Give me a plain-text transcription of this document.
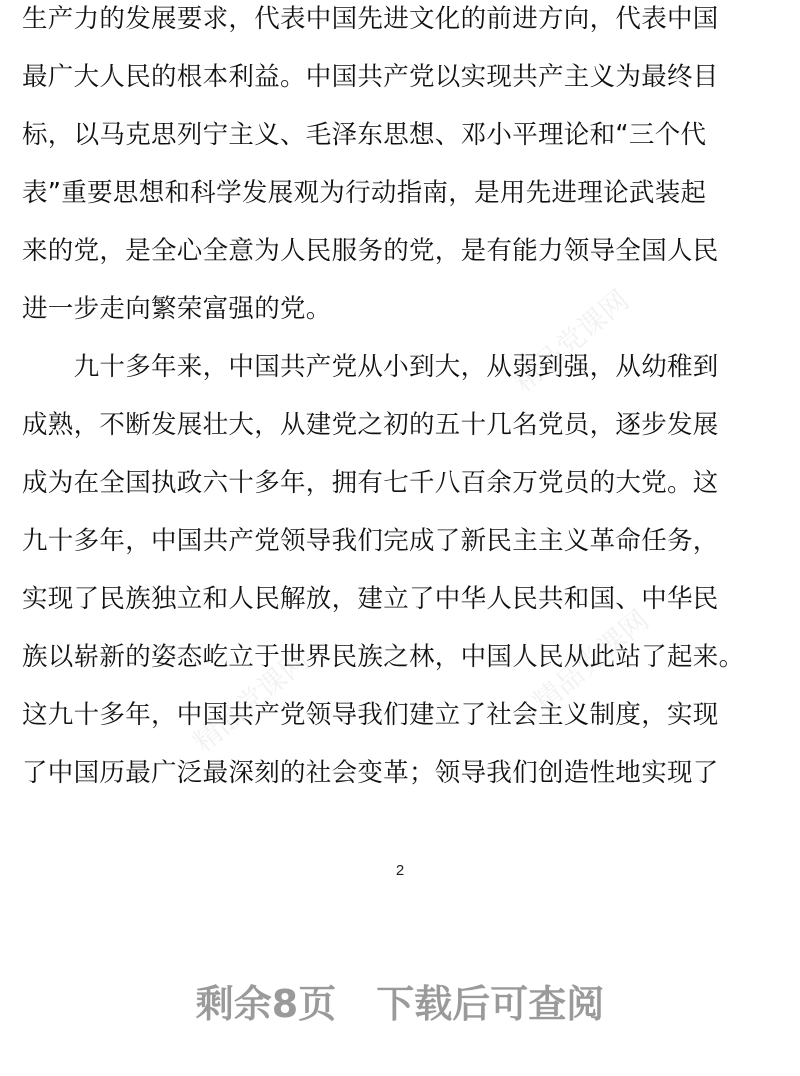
精品党课网
精品党课网	精品党课网
生产力的发展要求，代表中国先进文化的前进方向，代表中国
最广大人民的根本利益。中国共产党以实现共产主义为最终目
标，以马克思列宁主义、毛泽东思想、邓小平理论和“三个代
表”重要思想和科学发展观为行动指南，是用先进理论武装起
来的党，是全心全意为人民服务的党，是有能力领导全国人民
进一步走向繁荣富强的党。
　　九十多年来，中国共产党从小到大，从弱到强，从幼稚到
成熟，不断发展壮大，从建党之初的五十几名党员，逐步发展
成为在全国执政六十多年，拥有七千八百余万党员的大党。这
九十多年，中国共产党领导我们完成了新民主主义革命任务，
实现了民族独立和人民解放，建立了中华人民共和国、中华民
族以崭新的姿态屹立于世界民族之林，中国人民从此站了起来。
这九十多年，中国共产党领导我们建立了社会主义制度，实现
了中国历最广泛最深刻的社会变革；领导我们创造性地实现了
2
剩余8页 下载后可查阅
